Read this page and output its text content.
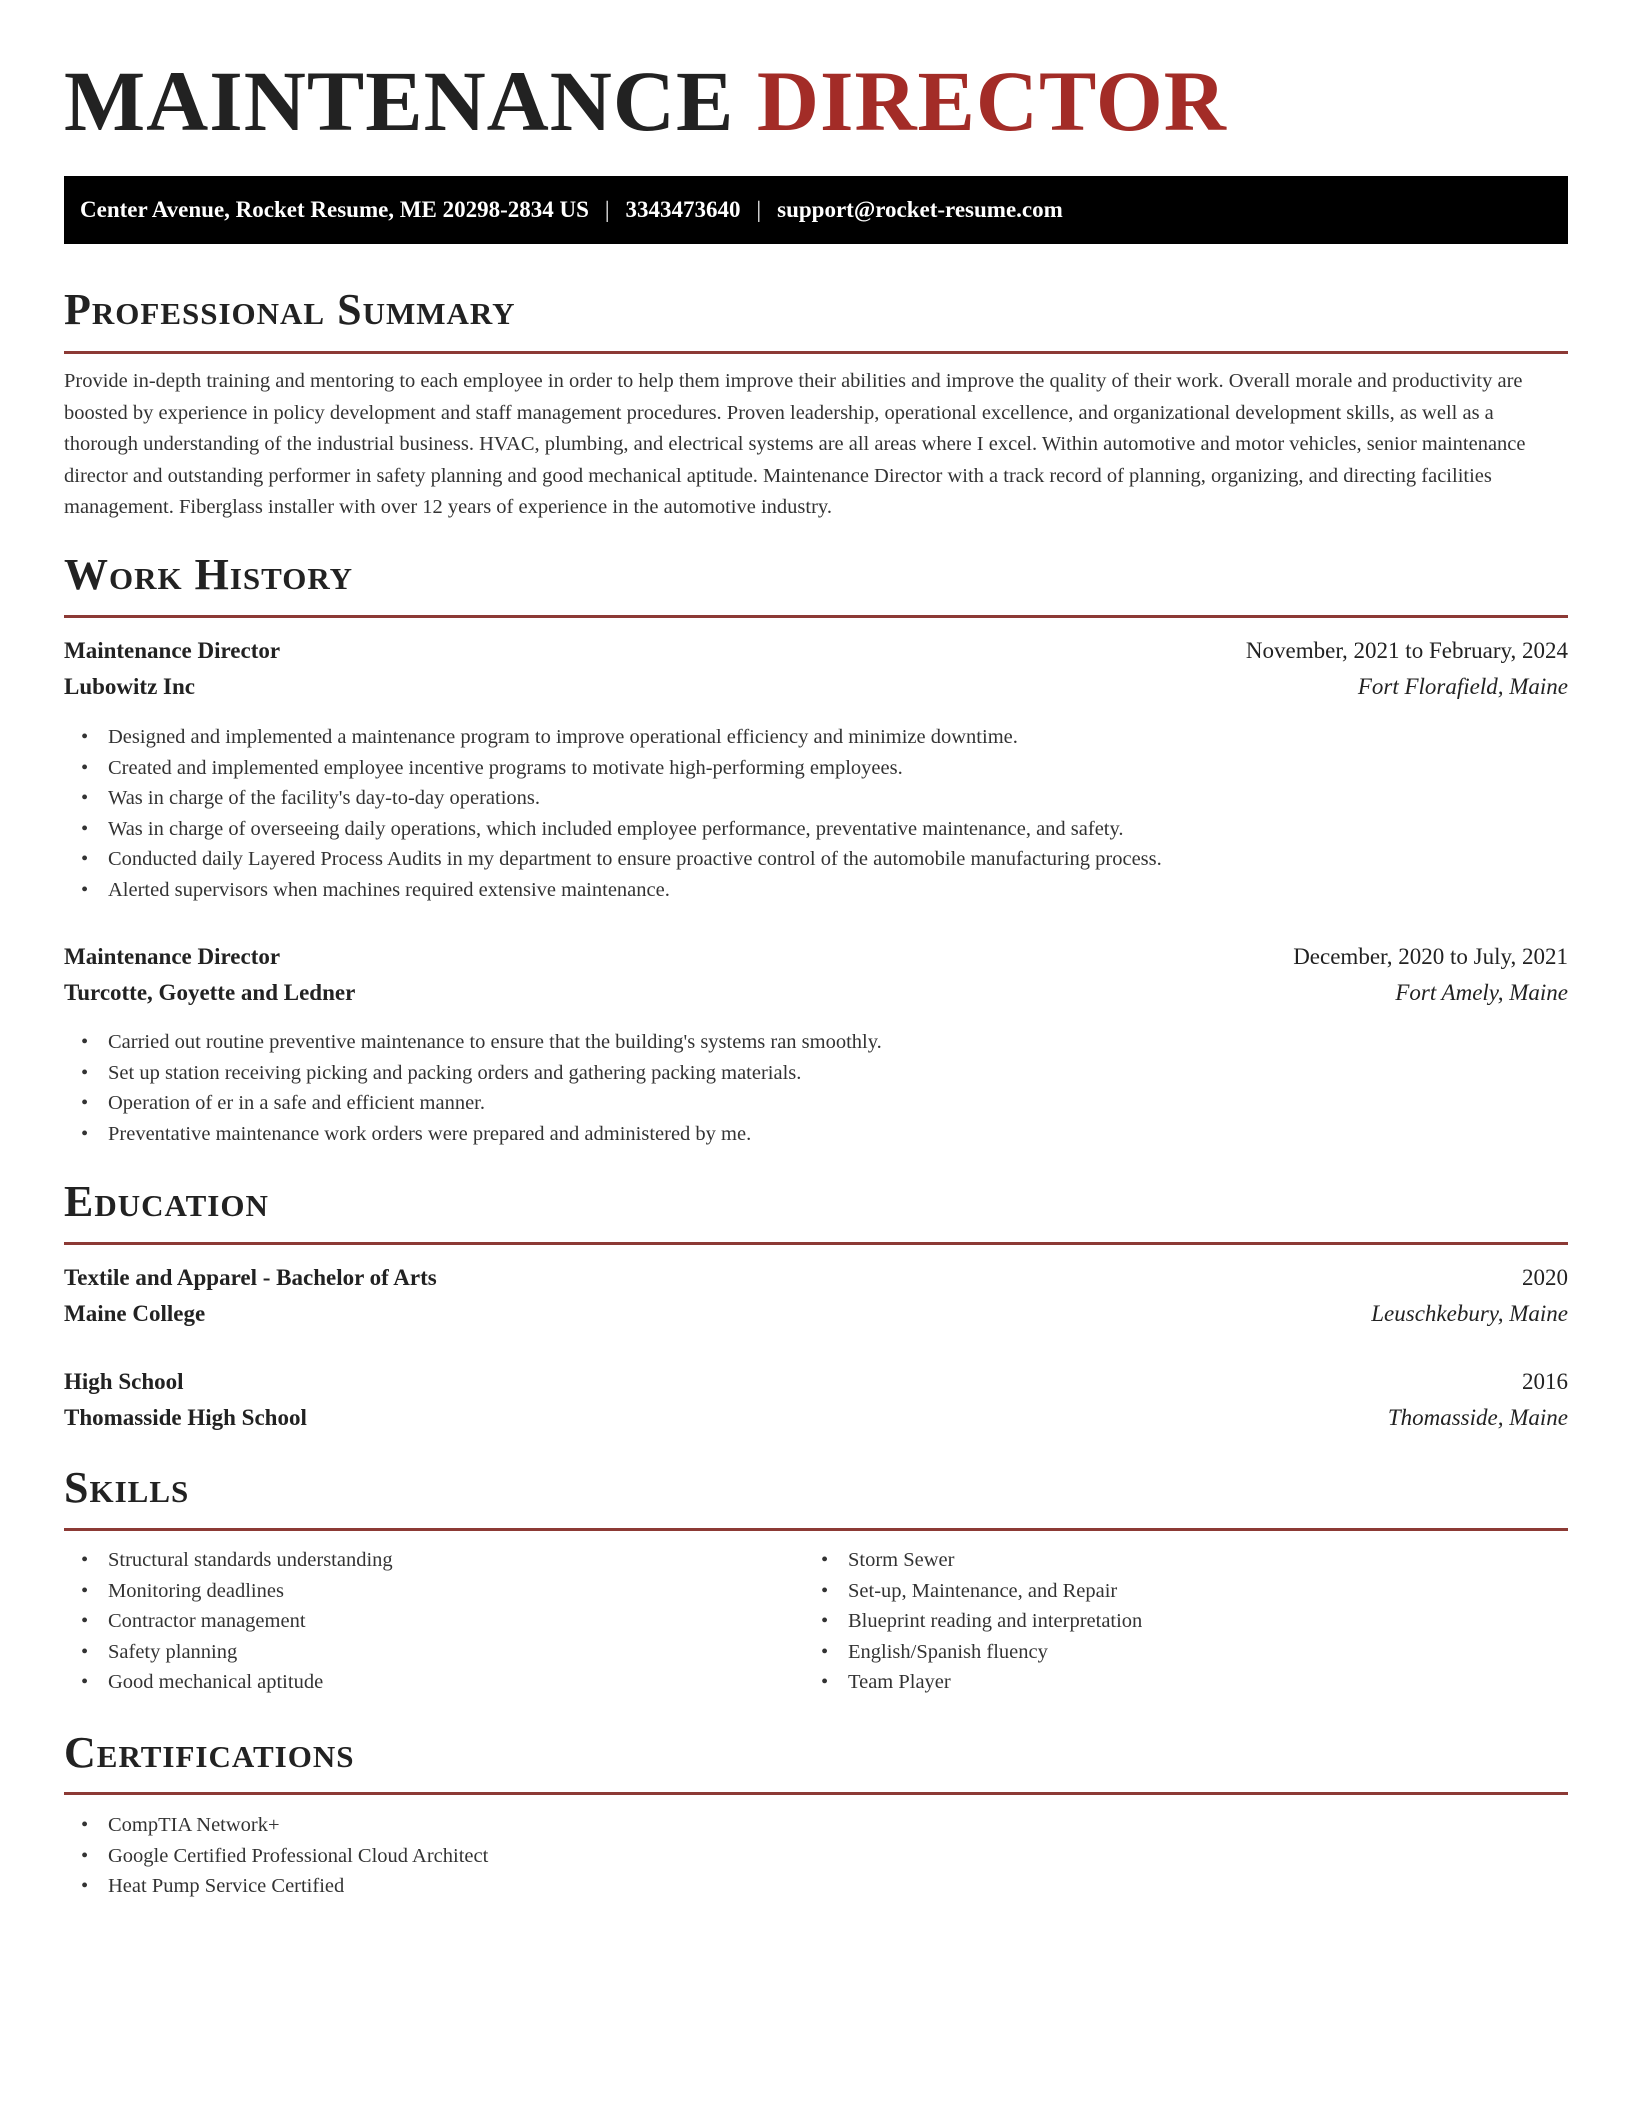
MAINTENANCE DIRECTOR
Center Avenue, Rocket Resume, ME 20298-2834 US | 3343473640 | support@rocket-resume.com
Professional Summary

Provide in-depth training and mentoring to each employee in order to help them improve their abilities and improve the quality of their work. Overall morale and productivity are boosted by experience in policy development and staff management procedures. Proven leadership, operational excellence, and organizational development skills, as well as a thorough understanding of the industrial business. HVAC, plumbing, and electrical systems are all areas where I excel. Within automotive and motor vehicles, senior maintenance director and outstanding performer in safety planning and good mechanical aptitude. Maintenance Director with a track record of planning, organizing, and directing facilities management. Fiberglass installer with over 12 years of experience in the automotive industry.

Work History
Maintenance Director	November, 2021 to February, 2024
Lubowitz Inc	Fort Florafield, Maine
• Designed and implemented a maintenance program to improve operational efficiency and minimize downtime.
• Created and implemented employee incentive programs to motivate high-performing employees.
• Was in charge of the facility's day-to-day operations.
• Was in charge of overseeing daily operations, which included employee performance, preventative maintenance, and safety.
• Conducted daily Layered Process Audits in my department to ensure proactive control of the automobile manufacturing process.
• Alerted supervisors when machines required extensive maintenance.
Maintenance Director	December, 2020 to July, 2021
Turcotte, Goyette and Ledner	Fort Amely, Maine
• Carried out routine preventive maintenance to ensure that the building's systems ran smoothly.
• Set up station receiving picking and packing orders and gathering packing materials.
• Operation of er in a safe and efficient manner.
• Preventative maintenance work orders were prepared and administered by me.
Education
Textile and Apparel - Bachelor of Arts	2020
Maine College	Leuschkebury, Maine
High School	2016
Thomasside High School	Thomasside, Maine
Skills
• Structural standards understanding
• Monitoring deadlines
• Contractor management
• Safety planning
• Good mechanical aptitude
• Storm Sewer
• Set-up, Maintenance, and Repair
• Blueprint reading and interpretation
• English/Spanish fluency
• Team Player
Certifications
• CompTIA Network+
• Google Certified Professional Cloud Architect
• Heat Pump Service Certified
